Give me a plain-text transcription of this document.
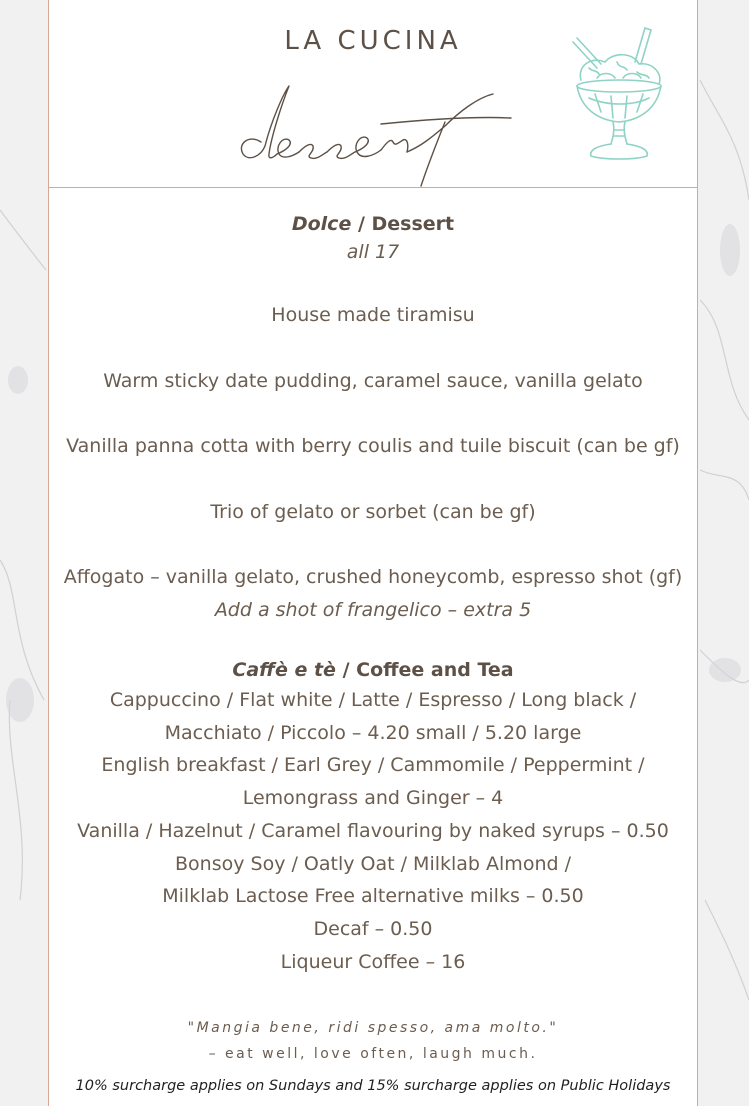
LA CUCINA
Dolce / Dessert
all 17
House made tiramisu
Warm sticky date pudding, caramel sauce, vanilla gelato
Vanilla panna cotta with berry coulis and tuile biscuit (can be gf)
Trio of gelato or sorbet (can be gf)
Affogato – vanilla gelato, crushed honeycomb, espresso shot (gf)
Add a shot of frangelico – extra 5
Caffè e tè / Coffee and Tea
Cappuccino / Flat white / Latte / Espresso / Long black /
Macchiato / Piccolo – 4.20 small / 5.20 large
English breakfast / Earl Grey / Cammomile / Peppermint /
Lemongrass and Ginger – 4
Vanilla / Hazelnut / Caramel flavouring by naked syrups – 0.50
Bonsoy Soy / Oatly Oat / Milklab Almond /
Milklab Lactose Free alternative milks – 0.50
Decaf – 0.50
Liqueur Coffee – 16
"Mangia bene, ridi spesso, ama molto."
– eat well, love often, laugh much.
10% surcharge applies on Sundays and 15% surcharge applies on Public Holidays
